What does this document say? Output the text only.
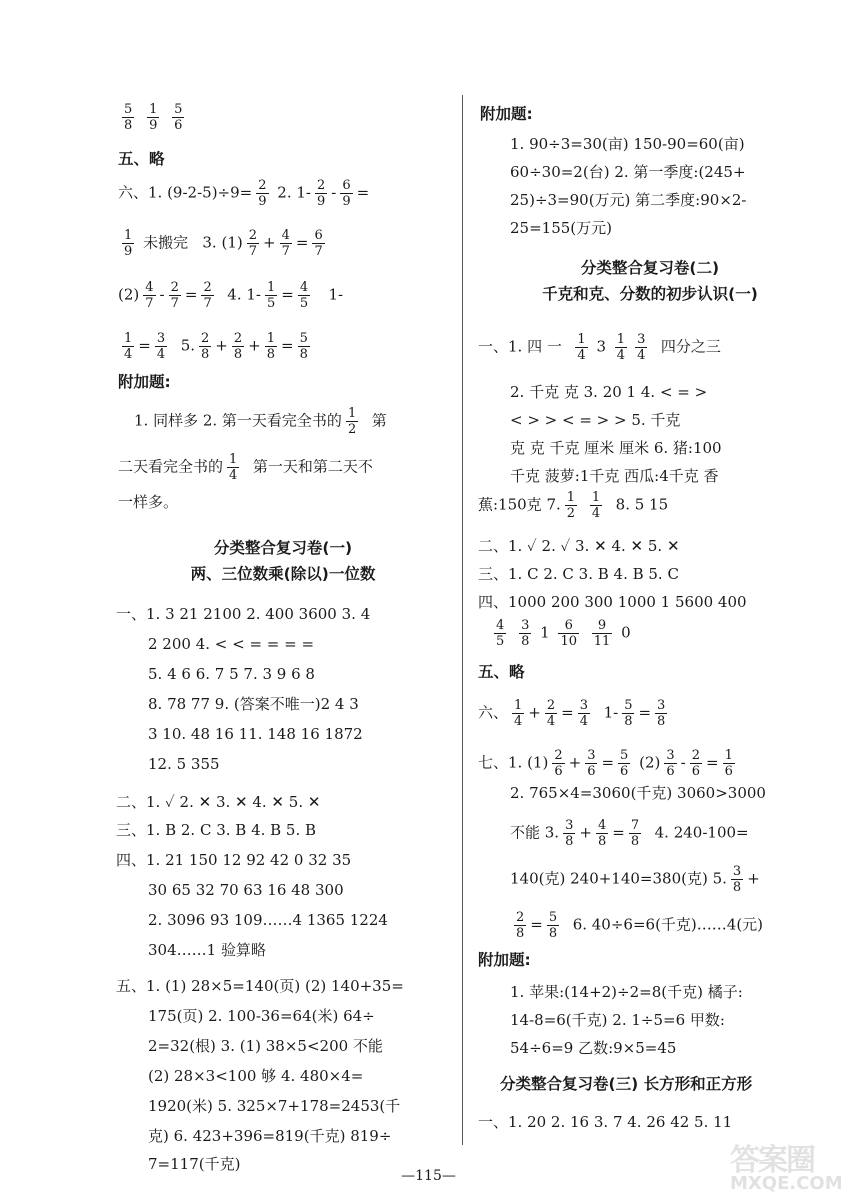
$\frac{5}{8}$
$\frac{1}{9}$
$\frac{5}{6}$
五、略
六、1. $(9-2-5)\div 9= \frac{2}{9} 2$. $1- \frac{2}{9} - \frac{6}{9}$ =
$\frac{1}{9}$ 未搬完 3. $(1) \frac{2}{7} + \frac{4}{7} = \frac{6}{7}$
$(2) \frac{4}{7} - \frac{2}{7} = \frac{2}{7} 4$. $1- \frac{1}{5} = \frac{4}{5} 1-$
$\frac{1}{4} = \frac{3}{4} 5$. $\frac{2}{8} + \frac{2}{8} + \frac{1}{8} = \frac{5}{8}$
附加题:
1. 同样多 2. 第一天看完全书的 $\frac{1}{2}$ 第
二天看完全书的 $\frac{1}{4}$ 第一天和第二天不
一样多。
分类整合复习卷(一)
两、三位数乘(除以)一位数
一、1. 3 21 2100 2. 400 3600 3. 4
2 200 4. < < = = = =
5. 4 6 6. 7 5 7. 3 9 6 8
8. 78 77 9. (答案不唯一)2 4 3
3 10. 48 16 11. 148 16 1872
12. 5 355
二、1. ✓ 2. ✕ 3. ✕ 4. ✕ 5. ✕
三、1. B 2. C 3. B 4. B 5. B
四、1. 21 150 12 92 42 0 32 35
30 65 32 70 63 16 48 300
2. 3096 93 109……4 1365 1224
304……1 验算略
五、1. (1) 28×5=140(页) (2) 140+35=
175(页) 2. 100-36=64(米) 64÷
2=32(根) 3. (1) 38×5<200 不能
(2) 28×3<100 够 4. 480×4=
1920(米) 5. 325×7+178=2453(千
克) 6. 423+396=819(千克) 819÷
7=117(千克)
附加题:
1. 90÷3=30(亩) 150-90=60(亩)
60÷30=2(台) 2. 第一季度:(245+
25)÷3=90(万元) 第二季度:90×2-
25=155(万元)
分类整合复习卷(二)
千克和克、分数的初步认识(一)
一、1. 四 一 $\frac{1}{4} 3 \frac{1}{4} \frac{3}{4}$ 四分之三
2. 千克 克 3. 20 1 4. < = >
< > > < = > > 5. 千克
克 克 千克 厘米 厘米 6. 猪:100
千克 菠萝:1千克 西瓜:4千克 香
蕉:150克 7. $\frac{1}{2}$
$\frac{1}{4} 8$. 5 15
二、1. ✓ 2. ✓ 3. ✕ 4. ✕ 5. ✕
三、1. C 2. C 3. B 4. B 5. C
四、1000 200 300 1000 1 5600 400
$\frac{4}{5}$
$\frac{3}{8} 1 \frac{6}{10}$
$\frac{9}{11} 0$
五、略
六、 $\frac{1}{4} + \frac{2}{4} = \frac{3}{4} 1- \frac{5}{8} = \frac{3}{8}$
七、1. $(1) \frac{2}{6} + \frac{3}{6} = \frac{5}{6} (2) \frac{3}{6} - \frac{2}{6} = \frac{1}{6}$
2. 765×4=3060(千克) 3060>3000
不能 3. $\frac{3}{8} + \frac{4}{8} = \frac{7}{8} 4$. 240-100=
140(克) 240+140=380(克) 5. $\frac{3}{8}$ +
$\frac{2}{8} = \frac{5}{8} 6$. 40÷6=6(千克)……4(元)
附加题:
1. 苹果:(14+2)÷2=8(千克) 橘子:
14-8=6(千克) 2. 1÷5=6 甲数:
54÷6=9 乙数:9×5=45
分类整合复习卷(三) 长方形和正方形
一、1. 20 2. 16 3. 7 4. 26 42 5. 11
—115—	答案圈
MXQE.COM
